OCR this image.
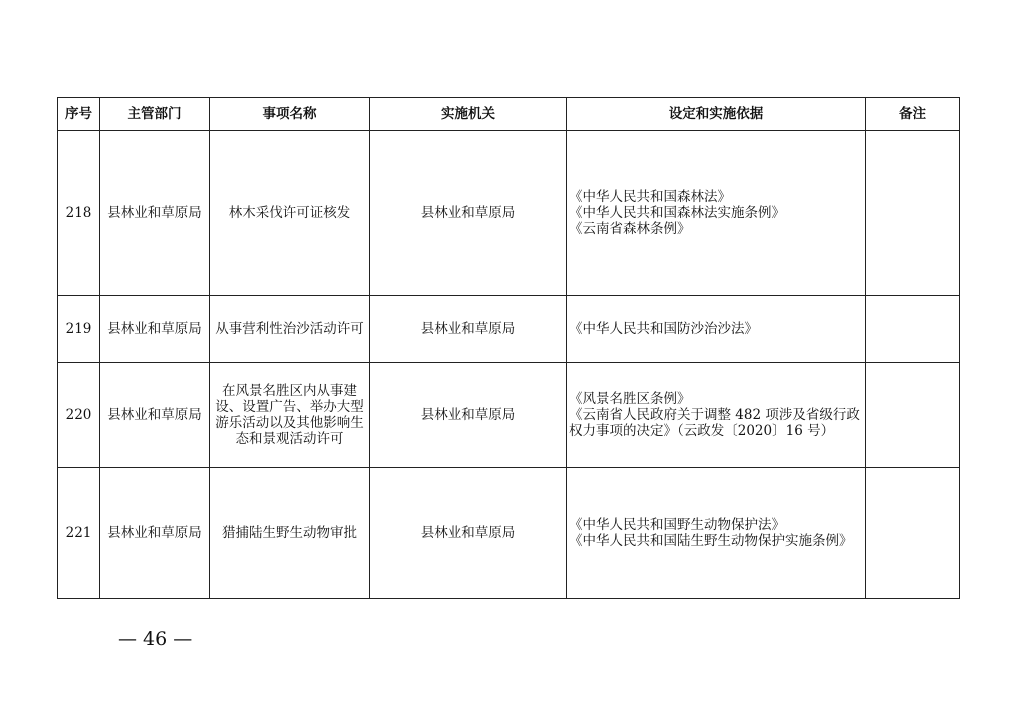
序号	主管部门	事项名称	实施机关	设定和实施依据	备注
218	县林业和草原局	林木采伐许可证核发	县林业和草原局	《中华人民共和国森林法》
《中华人民共和国森林法实施条例》
《云南省森林条例》	

219	县林业和草原局	从事营利性治沙活动许可	县林业和草原局	《中华人民共和国防沙治沙法》	

220	县林业和草原局	在风景名胜区内从事建设、设置广告、举办大型游乐活动以及其他影响生态和景观活动许可	县林业和草原局	《风景名胜区条例》
《云南省人民政府关于调整 482 项涉及省级行政权力事项的决定》（云政发〔2020〕16 号）	

221	县林业和草原局	猎捕陆生野生动物审批	县林业和草原局	《中华人民共和国野生动物保护法》
《中华人民共和国陆生野生动物保护实施条例》	

— 46 —
